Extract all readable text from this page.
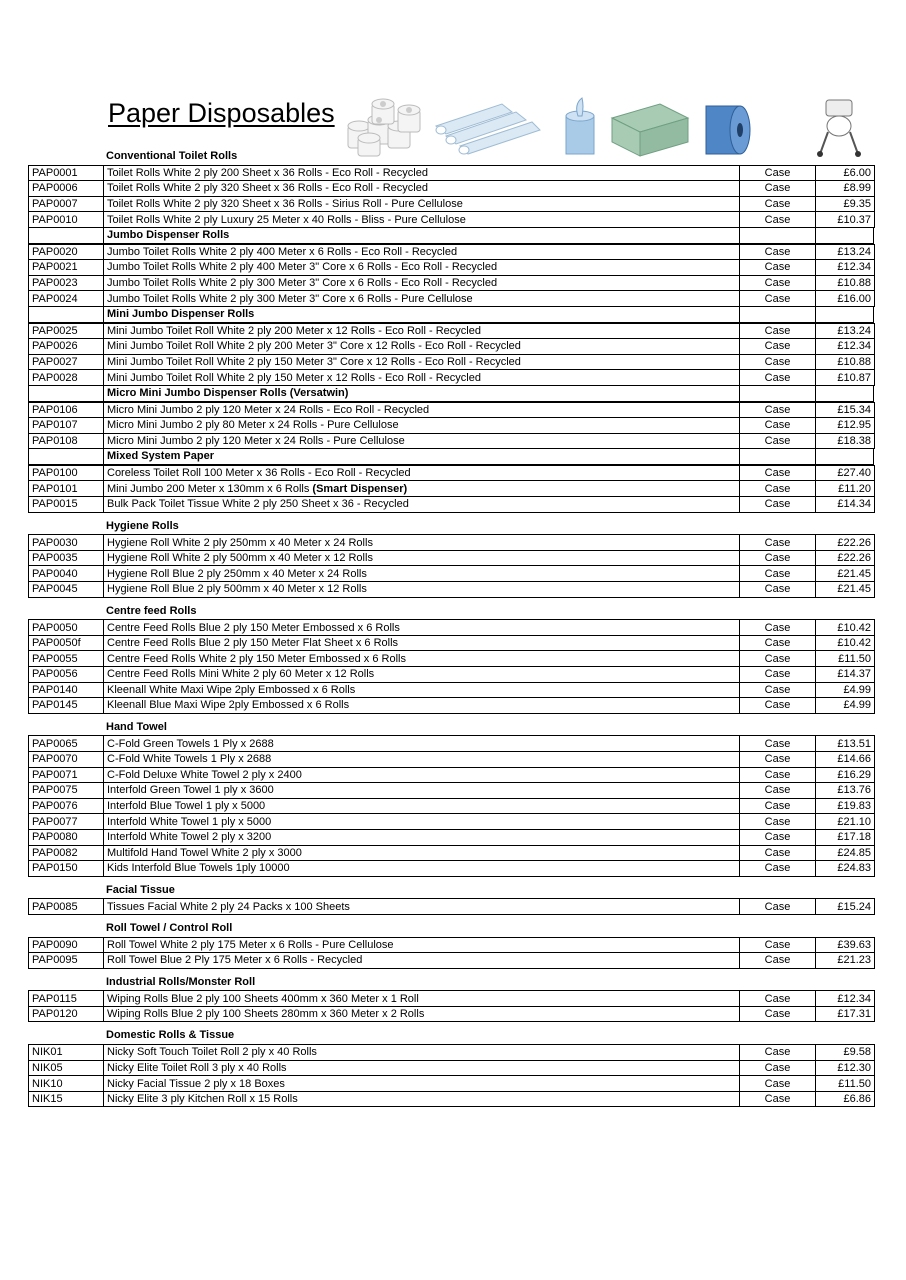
Paper Disposables
Conventional Toilet Rolls
PAP0001	Toilet Rolls White 2 ply 200 Sheet x 36 Rolls - Eco Roll - Recycled	Case	£6.00
PAP0006	Toilet Rolls White 2 ply 320 Sheet x 36 Rolls - Eco Roll - Recycled	Case	£8.99
PAP0007	Toilet Rolls White 2 ply 320 Sheet x 36 Rolls - Sirius Roll - Pure Cellulose	Case	£9.35
PAP0010	Toilet Rolls White 2 ply Luxury 25 Meter x 40 Rolls - Bliss - Pure Cellulose	Case	£10.37
Jumbo Dispenser Rolls
PAP0020	Jumbo Toilet Rolls White 2 ply 400 Meter x 6 Rolls - Eco Roll - Recycled	Case	£13.24
PAP0021	Jumbo Toilet Rolls White 2 ply 400 Meter 3" Core x 6 Rolls - Eco Roll - Recycled	Case	£12.34
PAP0023	Jumbo Toilet Rolls White 2 ply 300 Meter 3" Core x 6 Rolls - Eco Roll - Recycled	Case	£10.88
PAP0024	Jumbo Toilet Rolls White 2 ply 300 Meter 3" Core x 6 Rolls - Pure Cellulose	Case	£16.00
Mini Jumbo Dispenser Rolls
PAP0025	Mini Jumbo Toilet Roll White 2 ply 200 Meter x 12 Rolls - Eco Roll - Recycled	Case	£13.24
PAP0026	Mini Jumbo Toilet Roll White 2 ply 200 Meter 3" Core x 12 Rolls - Eco Roll - Recycled	Case	£12.34
PAP0027	Mini Jumbo Toilet Roll White 2 ply 150 Meter 3" Core x 12 Rolls - Eco Roll - Recycled	Case	£10.88
PAP0028	Mini Jumbo Toilet Roll White 2 ply 150 Meter x 12 Rolls - Eco Roll - Recycled	Case	£10.87
Micro Mini Jumbo Dispenser Rolls (Versatwin)
PAP0106	Micro Mini Jumbo 2 ply 120 Meter x 24 Rolls - Eco Roll - Recycled	Case	£15.34
PAP0107	Micro Mini Jumbo 2 ply 80 Meter x 24 Rolls - Pure Cellulose	Case	£12.95
PAP0108	Micro Mini Jumbo 2 ply 120 Meter x 24 Rolls - Pure Cellulose	Case	£18.38
Mixed System Paper
PAP0100	Coreless Toilet Roll 100 Meter x 36 Rolls - Eco Roll - Recycled	Case	£27.40
PAP0101	Mini Jumbo 200 Meter x 130mm x 6 Rolls (Smart Dispenser)	Case	£11.20
PAP0015	Bulk Pack Toilet Tissue White 2 ply 250 Sheet x 36 - Recycled	Case	£14.34
Hygiene Rolls
PAP0030	Hygiene Roll White 2 ply 250mm x 40 Meter x 24 Rolls	Case	£22.26
PAP0035	Hygiene Roll White 2 ply 500mm x 40 Meter x 12 Rolls	Case	£22.26
PAP0040	Hygiene Roll Blue 2 ply 250mm x 40 Meter x 24 Rolls	Case	£21.45
PAP0045	Hygiene Roll Blue 2 ply 500mm x 40 Meter x 12 Rolls	Case	£21.45
Centre feed Rolls
PAP0050	Centre Feed Rolls Blue 2 ply 150 Meter Embossed x 6 Rolls	Case	£10.42
PAP0050f	Centre Feed Rolls Blue 2 ply 150 Meter Flat Sheet x 6 Rolls	Case	£10.42
PAP0055	Centre Feed Rolls White 2 ply 150 Meter Embossed x 6 Rolls	Case	£11.50
PAP0056	Centre Feed Rolls Mini White 2 ply 60 Meter x 12 Rolls	Case	£14.37
PAP0140	Kleenall White Maxi Wipe 2ply Embossed x 6 Rolls	Case	£4.99
PAP0145	Kleenall Blue Maxi Wipe 2ply Embossed x 6 Rolls	Case	£4.99
Hand Towel
PAP0065	C-Fold Green Towels 1 Ply x 2688	Case	£13.51
PAP0070	C-Fold White Towels 1 Ply x 2688	Case	£14.66
PAP0071	C-Fold Deluxe White Towel 2 ply x 2400	Case	£16.29
PAP0075	Interfold Green Towel 1 ply x 3600	Case	£13.76
PAP0076	Interfold Blue Towel 1 ply x 5000	Case	£19.83
PAP0077	Interfold White Towel 1 ply x 5000	Case	£21.10
PAP0080	Interfold White Towel 2 ply x 3200	Case	£17.18
PAP0082	Multifold Hand Towel White 2 ply x 3000	Case	£24.85
PAP0150	Kids Interfold Blue Towels 1ply 10000	Case	£24.83
Facial Tissue
PAP0085	Tissues Facial White 2 ply 24 Packs x 100 Sheets	Case	£15.24
Roll Towel / Control Roll
PAP0090	Roll Towel White 2 ply 175 Meter x 6 Rolls - Pure Cellulose	Case	£39.63
PAP0095	Roll Towel Blue 2 Ply 175 Meter x 6 Rolls - Recycled	Case	£21.23
Industrial Rolls/Monster Roll
PAP0115	Wiping Rolls Blue 2 ply 100 Sheets 400mm x 360 Meter x 1 Roll	Case	£12.34
PAP0120	Wiping Rolls Blue 2 ply 100 Sheets 280mm x 360 Meter x 2 Rolls	Case	£17.31
Domestic Rolls & Tissue
NIK01	Nicky Soft Touch Toilet Roll 2 ply x 40 Rolls	Case	£9.58
NIK05	Nicky Elite Toilet Roll 3 ply x 40 Rolls	Case	£12.30
NIK10	Nicky Facial Tissue 2 ply x 18 Boxes	Case	£11.50
NIK15	Nicky Elite 3 ply Kitchen Roll x 15 Rolls	Case	£6.86
